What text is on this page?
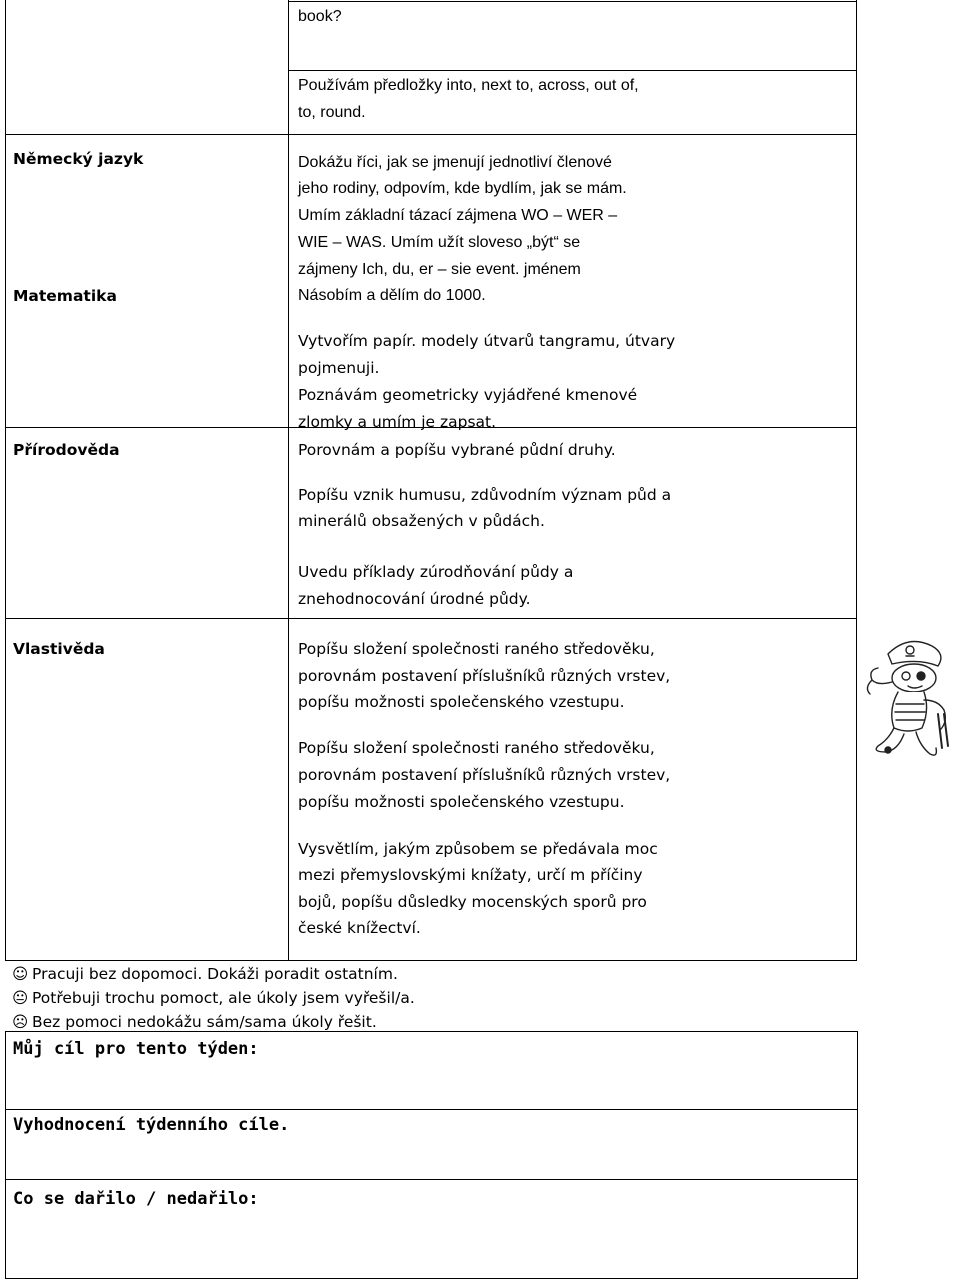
book?
Používám předložky into, next to, across, out of,
to, round.
Německý jazyk	Dokážu říci, jak se jmenují jednotliví členové
jeho rodiny, odpovím, kde bydlím, jak se mám.
Umím základní tázací zájmena WO – WER –
WIE – WAS. Umím užít sloveso „být“ se
zájmeny Ich, du, er – sie event. jménem
Matematika	Násobím a dělím do 1000.
Vytvořím papír. modely útvarů tangramu, útvary
pojmenuji.
Poznávám geometricky vyjádřené kmenové
zlomky a umím je zapsat.
Přírodověda	Porovnám a popíšu vybrané půdní druhy.
Popíšu vznik humusu, zdůvodním význam půd a
minerálů obsažených v půdách.
Uvedu příklady zúrodňování půdy a
znehodnocování úrodné půdy.
Vlastivěda	Popíšu složení společnosti raného středověku,
porovnám postavení příslušníků různých vrstev,
popíšu možnosti společenského vzestupu.
Popíšu složení společnosti raného středověku,
porovnám postavení příslušníků různých vrstev,
popíšu možnosti společenského vzestupu.
Vysvětlím, jakým způsobem se předávala moc
mezi přemyslovskými knížaty, určí m příčiny
bojů, popíšu důsledky mocenských sporů pro
české knížectví.
☺ Pracuji bez dopomoci. Dokáži poradit ostatním.
😐 Potřebuji trochu pomoct, ale úkoly jsem vyřešil/a.
☹ Bez pomoci nedokážu sám/sama úkoly řešit.
Můj cíl pro tento týden:
Vyhodnocení týdenního cíle.
Co se dařilo / nedařilo:
